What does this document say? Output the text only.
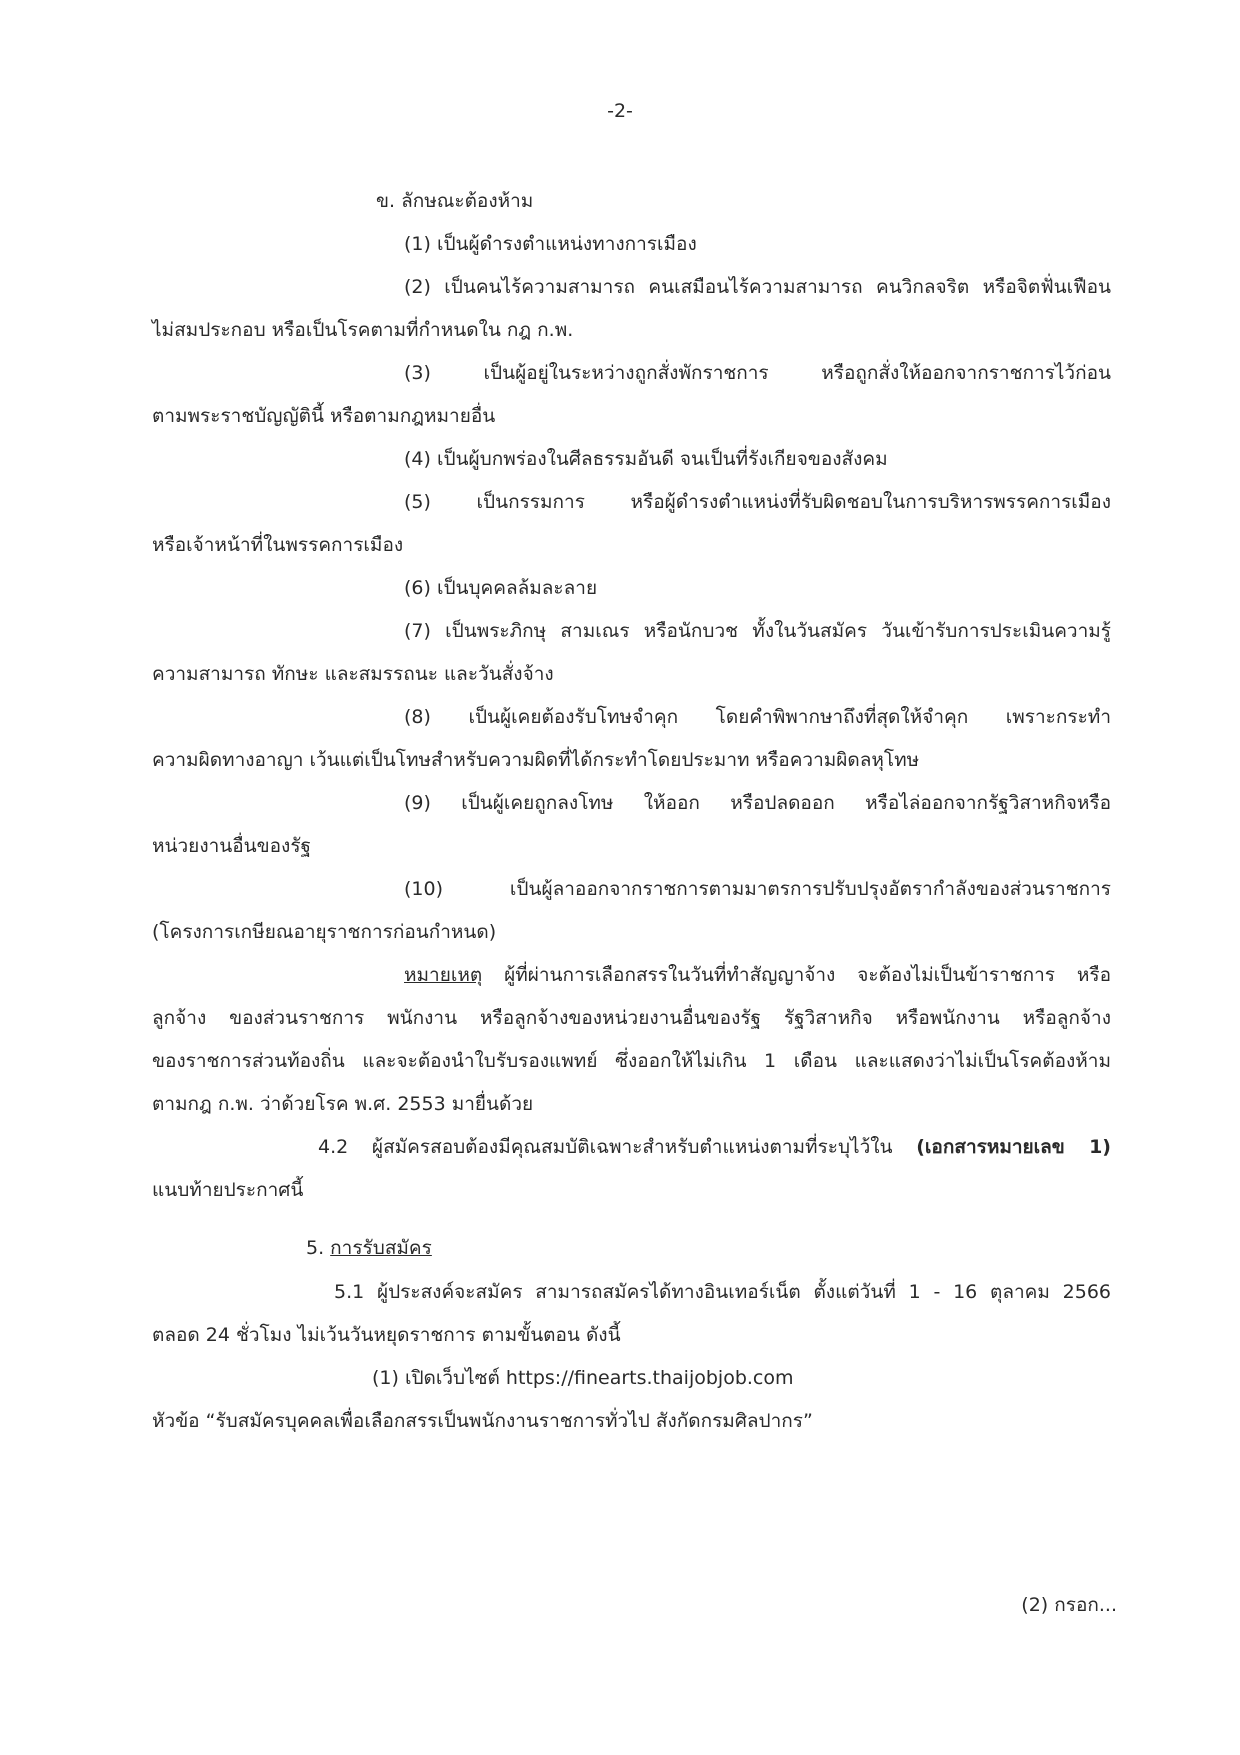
-2-
ข. ลักษณะต้องห้าม
(1) เป็นผู้ดำรงตำแหน่งทางการเมือง
(2) เป็นคนไร้ความสามารถ คนเสมือนไร้ความสามารถ คนวิกลจริต หรือจิตฟั่นเฟือน
ไม่สมประกอบ หรือเป็นโรคตามที่กำหนดใน กฎ ก.พ.
(3) เป็นผู้อยู่ในระหว่างถูกสั่งพักราชการ หรือถูกสั่งให้ออกจากราชการไว้ก่อน
ตามพระราชบัญญัตินี้ หรือตามกฎหมายอื่น
(4) เป็นผู้บกพร่องในศีลธรรมอันดี จนเป็นที่รังเกียจของสังคม
(5) เป็นกรรมการ หรือผู้ดำรงตำแหน่งที่รับผิดชอบในการบริหารพรรคการเมือง
หรือเจ้าหน้าที่ในพรรคการเมือง
(6) เป็นบุคคลล้มละลาย
(7) เป็นพระภิกษุ สามเณร หรือนักบวช ทั้งในวันสมัคร วันเข้ารับการประเมินความรู้
ความสามารถ ทักษะ และสมรรถนะ และวันสั่งจ้าง
(8) เป็นผู้เคยต้องรับโทษจำคุก โดยคำพิพากษาถึงที่สุดให้จำคุก เพราะกระทำ
ความผิดทางอาญา เว้นแต่เป็นโทษสำหรับความผิดที่ได้กระทำโดยประมาท หรือความผิดลหุโทษ
(9) เป็นผู้เคยถูกลงโทษ ให้ออก หรือปลดออก หรือไล่ออกจากรัฐวิสาหกิจหรือ
หน่วยงานอื่นของรัฐ
(10) เป็นผู้ลาออกจากราชการตามมาตรการปรับปรุงอัตรากำลังของส่วนราชการ
(โครงการเกษียณอายุราชการก่อนกำหนด)
หมายเหตุ ผู้ที่ผ่านการเลือกสรรในวันที่ทำสัญญาจ้าง จะต้องไม่เป็นข้าราชการ หรือ
ลูกจ้าง ของส่วนราชการ พนักงาน หรือลูกจ้างของหน่วยงานอื่นของรัฐ รัฐวิสาหกิจ หรือพนักงาน หรือลูกจ้าง
ของราชการส่วนท้องถิ่น และจะต้องนำใบรับรองแพทย์ ซึ่งออกให้ไม่เกิน 1 เดือน และแสดงว่าไม่เป็นโรคต้องห้าม
ตามกฎ ก.พ. ว่าด้วยโรค พ.ศ. 2553 มายื่นด้วย
4.2 ผู้สมัครสอบต้องมีคุณสมบัติเฉพาะสำหรับตำแหน่งตามที่ระบุไว้ใน (เอกสารหมายเลข 1)
แนบท้ายประกาศนี้
5. การรับสมัคร
5.1 ผู้ประสงค์จะสมัคร สามารถสมัครได้ทางอินเทอร์เน็ต ตั้งแต่วันที่ 1 - 16 ตุลาคม 2566
ตลอด 24 ชั่วโมง ไม่เว้นวันหยุดราชการ ตามขั้นตอน ดังนี้
(1) เปิดเว็บไซต์ https://finearts.thaijobjob.com
หัวข้อ “รับสมัครบุคคลเพื่อเลือกสรรเป็นพนักงานราชการทั่วไป สังกัดกรมศิลปากร”
(2) กรอก...
